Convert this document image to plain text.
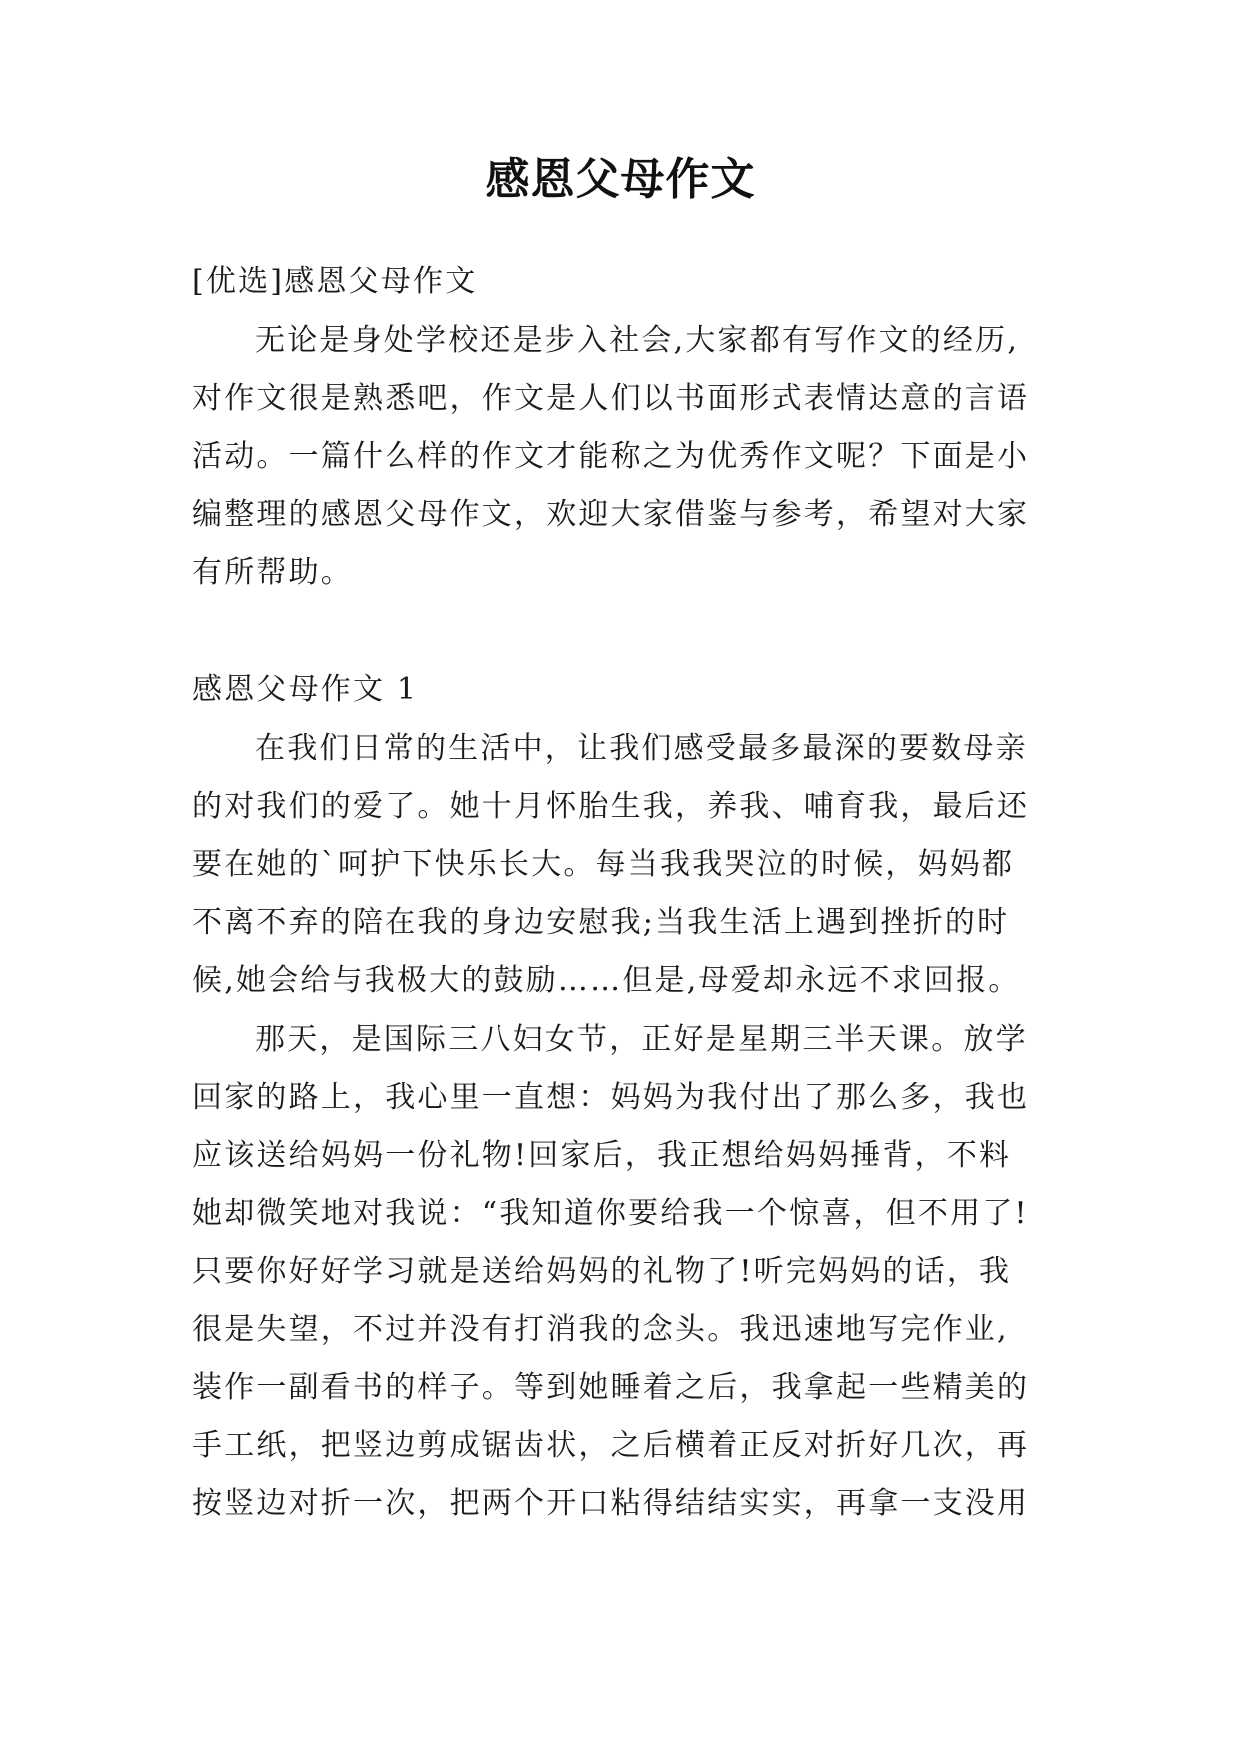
感恩父母作文

[优选]感恩父母作文

无论是身处学校还是步入社会,大家都有写作文的经历,

对作文很是熟悉吧，作文是人们以书面形式表情达意的言语

活动。一篇什么样的作文才能称之为优秀作文呢？下面是小

编整理的感恩父母作文，欢迎大家借鉴与参考，希望对大家

有所帮助。

感恩父母作文 1

在我们日常的生活中，让我们感受最多最深的要数母亲

的对我们的爱了。她十月怀胎生我，养我、哺育我，最后还

要在她的`呵护下快乐长大。每当我我哭泣的时候，妈妈都

不离不弃的陪在我的身边安慰我;当我生活上遇到挫折的时

候,她会给与我极大的鼓励……但是,母爱却永远不求回报。

那天，是国际三八妇女节，正好是星期三半天课。放学

回家的路上，我心里一直想：妈妈为我付出了那么多，我也

应该送给妈妈一份礼物!回家后，我正想给妈妈捶背，不料

她却微笑地对我说：“我知道你要给我一个惊喜，但不用了!

只要你好好学习就是送给妈妈的礼物了!听完妈妈的话，我

很是失望，不过并没有打消我的念头。我迅速地写完作业,

装作一副看书的样子。等到她睡着之后，我拿起一些精美的

手工纸，把竖边剪成锯齿状，之后横着正反对折好几次，再

按竖边对折一次，把两个开口粘得结结实实，再拿一支没用
